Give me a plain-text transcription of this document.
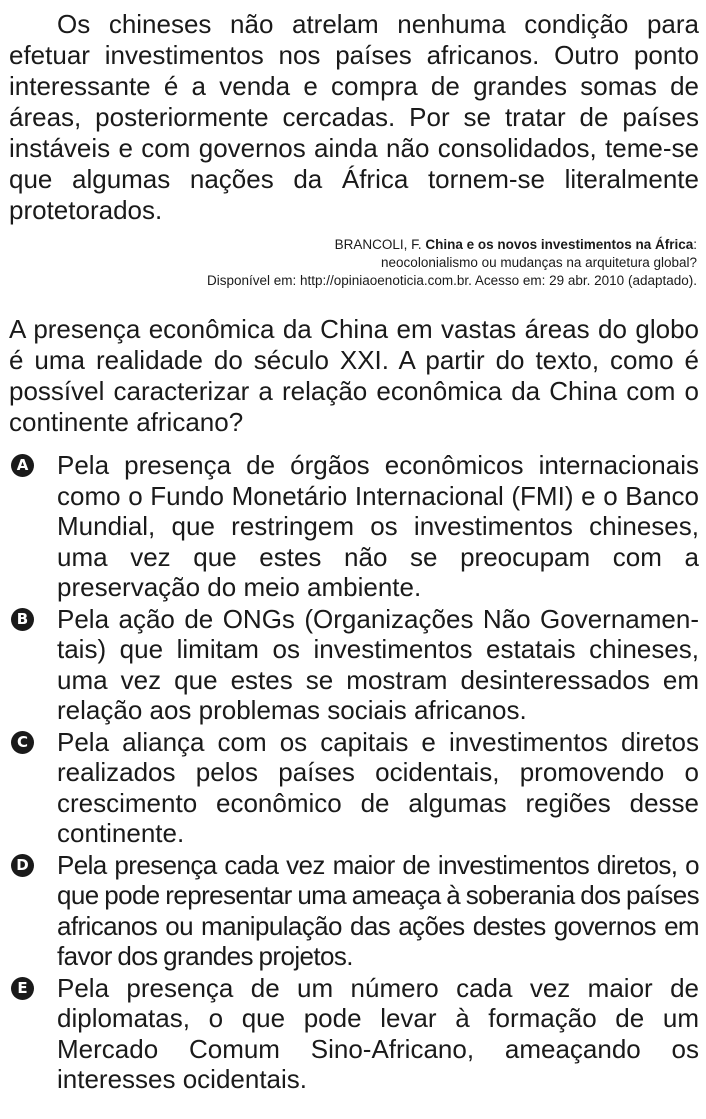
Os chineses não atrelam nenhuma condição para efetuar investimentos nos países africanos. Outro ponto interessante é a venda e compra de grandes somas de áreas, posteriormente cercadas. Por se tratar de países instáveis e com governos ainda não consolidados, teme-se que algumas nações da África tornem-se literalmente protetorados.

BRANCOLI, F. China e os novos investimentos na África:
neocolonialismo ou mudanças na arquitetura global?
Disponível em: http://opiniaoenoticia.com.br. Acesso em: 29 abr. 2010 (adaptado).

A presença econômica da China em vastas áreas do globo é uma realidade do século XXI. A partir do texto, como é possível caracterizar a relação econômica da China com o continente africano?

A Pela presença de órgãos econômicos internacionais como o Fundo Monetário Internacional (FMI) e o Banco Mundial, que restringem os investimentos chineses, uma vez que estes não se preocupam com a preservação do meio ambiente.

B Pela ação de ONGs (Organizações Não Governamen-tais) que limitam os investimentos estatais chineses, uma vez que estes se mostram desinteressados em relação aos problemas sociais africanos.

C Pela aliança com os capitais e investimentos diretos realizados pelos países ocidentais, promovendo o crescimento econômico de algumas regiões desse continente.

D Pela presença cada vez maior de investimentos diretos, o que pode representar uma ameaça à soberania dos países africanos ou manipulação das ações destes governos em favor dos grandes projetos.

E Pela presença de um número cada vez maior de diplomatas, o que pode levar à formação de um Mercado Comum Sino-Africano, ameaçando os interesses ocidentais.
